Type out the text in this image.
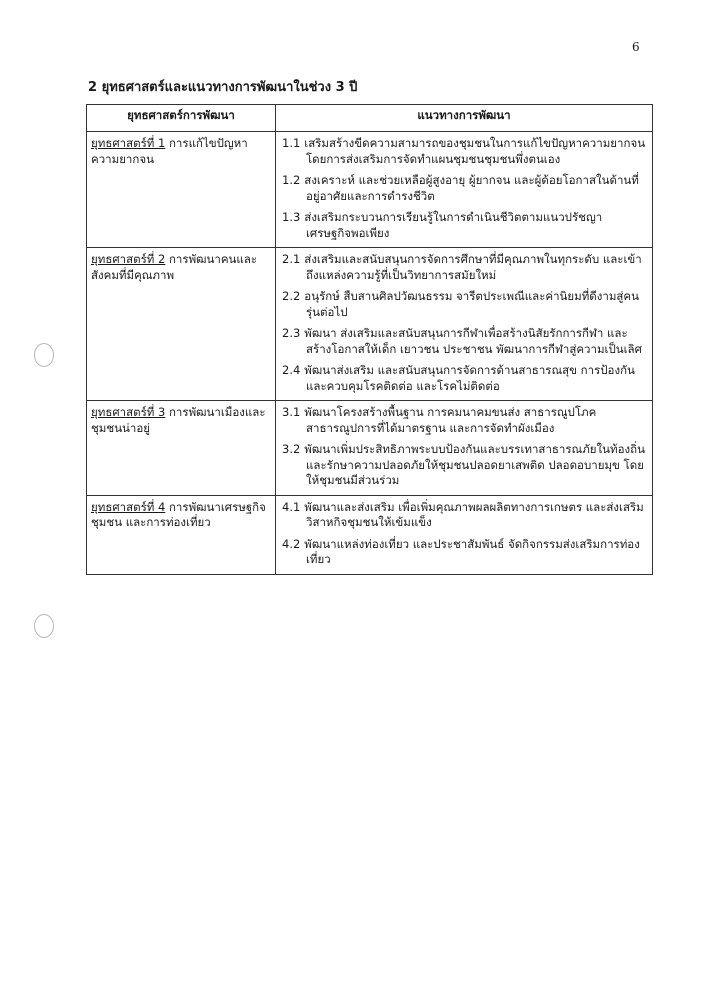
6
2 ยุทธศาสตร์และแนวทางการพัฒนาในช่วง 3 ปี
ยุทธศาสตร์การพัฒนา	แนวทางการพัฒนา
ยุทธศาสตร์ที่ 1 การแก้ไขปัญหาความยากจน	1.1 เสริมสร้างขีดความสามารถของชุมชนในการแก้ไขปัญหาความยากจน โดยการส่งเสริมการจัดทำแผนชุมชนชุมชนพึ่งตนเอง
1.2 สงเคราะห์ และช่วยเหลือผู้สูงอายุ ผู้ยากจน และผู้ด้อยโอกาสในด้านที่อยู่อาศัยและการดำรงชีวิต
1.3 ส่งเสริมกระบวนการเรียนรู้ในการดำเนินชีวิตตามแนวปรัชญาเศรษฐกิจพอเพียง

ยุทธศาสตร์ที่ 2 การพัฒนาคนและสังคมที่มีคุณภาพ	2.1 ส่งเสริมและสนับสนุนการจัดการศึกษาที่มีคุณภาพในทุกระดับ และเข้าถึงแหล่งความรู้ที่เป็นวิทยาการสมัยใหม่
2.2 อนุรักษ์ สืบสานศิลปวัฒนธรรม จารีตประเพณีและค่านิยมที่ดีงามสู่คนรุ่นต่อไป
2.3 พัฒนา ส่งเสริมและสนับสนุนการกีฬาเพื่อสร้างนิสัยรักการกีฬา และสร้างโอกาสให้เด็ก เยาวชน ประชาชน พัฒนาการกีฬาสู่ความเป็นเลิศ
2.4 พัฒนาส่งเสริม และสนับสนุนการจัดการด้านสาธารณสุข การป้องกันและควบคุมโรคติดต่อ และโรคไม่ติดต่อ

ยุทธศาสตร์ที่ 3 การพัฒนาเมืองและชุมชนน่าอยู่	3.1 พัฒนาโครงสร้างพื้นฐาน การคมนาคมขนส่ง สาธารณูปโภคสาธารณูปการที่ได้มาตรฐาน และการจัดทำผังเมือง
3.2 พัฒนาเพิ่มประสิทธิภาพระบบป้องกันและบรรเทาสาธารณภัยในท้องถิ่น และรักษาความปลอดภัยให้ชุมชนปลอดยาเสพติด ปลอดอบายมุข โดยให้ชุมชนมีส่วนร่วม

ยุทธศาสตร์ที่ 4 การพัฒนาเศรษฐกิจชุมชน และการท่องเที่ยว	4.1 พัฒนาและส่งเสริม เพื่อเพิ่มคุณภาพผลผลิตทางการเกษตร และส่งเสริมวิสาหกิจชุมชนให้เข้มแข็ง
4.2 พัฒนาแหล่งท่องเที่ยว และประชาสัมพันธ์ จัดกิจกรรมส่งเสริมการท่องเที่ยว
